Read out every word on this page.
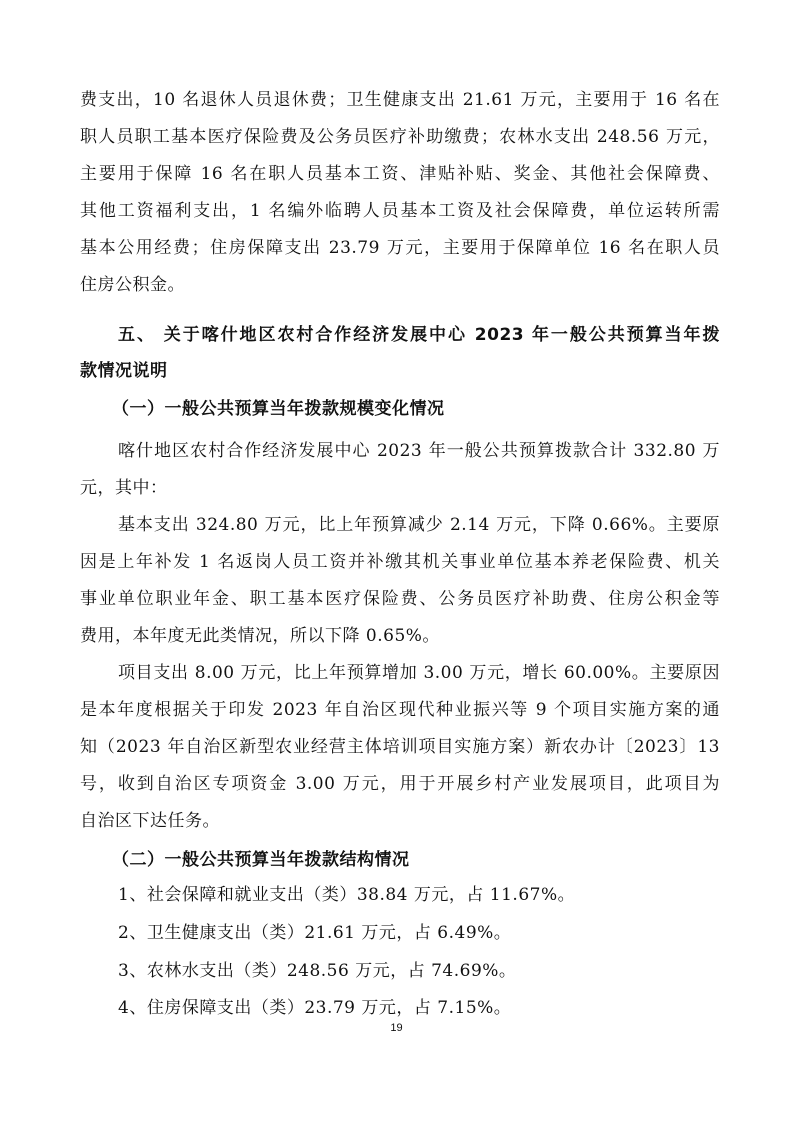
费支出，10 名退休人员退休费；卫生健康支出 21.61 万元，主要用于 16 名在
职人员职工基本医疗保险费及公务员医疗补助缴费；农林水支出 248.56 万元，
主要用于保障 16 名在职人员基本工资、津贴补贴、奖金、其他社会保障费、
其他工资福利支出，1 名编外临聘人员基本工资及社会保障费，单位运转所需
基本公用经费；住房保障支出 23.79 万元，主要用于保障单位 16 名在职人员
住房公积金。
五、 关于喀什地区农村合作经济发展中心 2023 年一般公共预算当年拨
款情况说明
（一）一般公共预算当年拨款规模变化情况
喀什地区农村合作经济发展中心 2023 年一般公共预算拨款合计 332.80 万
元，其中：
基本支出 324.80 万元，比上年预算减少 2.14 万元，下降 0.66%。主要原
因是上年补发 1 名返岗人员工资并补缴其机关事业单位基本养老保险费、机关
事业单位职业年金、职工基本医疗保险费、公务员医疗补助费、住房公积金等
费用，本年度无此类情况，所以下降 0.65%。
项目支出 8.00 万元，比上年预算增加 3.00 万元，增长 60.00%。主要原因
是本年度根据关于印发 2023 年自治区现代种业振兴等 9 个项目实施方案的通
知（2023 年自治区新型农业经营主体培训项目实施方案）新农办计〔2023〕13
号，收到自治区专项资金 3.00 万元，用于开展乡村产业发展项目，此项目为
自治区下达任务。
（二）一般公共预算当年拨款结构情况
1、社会保障和就业支出（类）38.84 万元，占 11.67%。
2、卫生健康支出（类）21.61 万元，占 6.49%。
3、农林水支出（类）248.56 万元，占 74.69%。
4、住房保障支出（类）23.79 万元，占 7.15%。
19
